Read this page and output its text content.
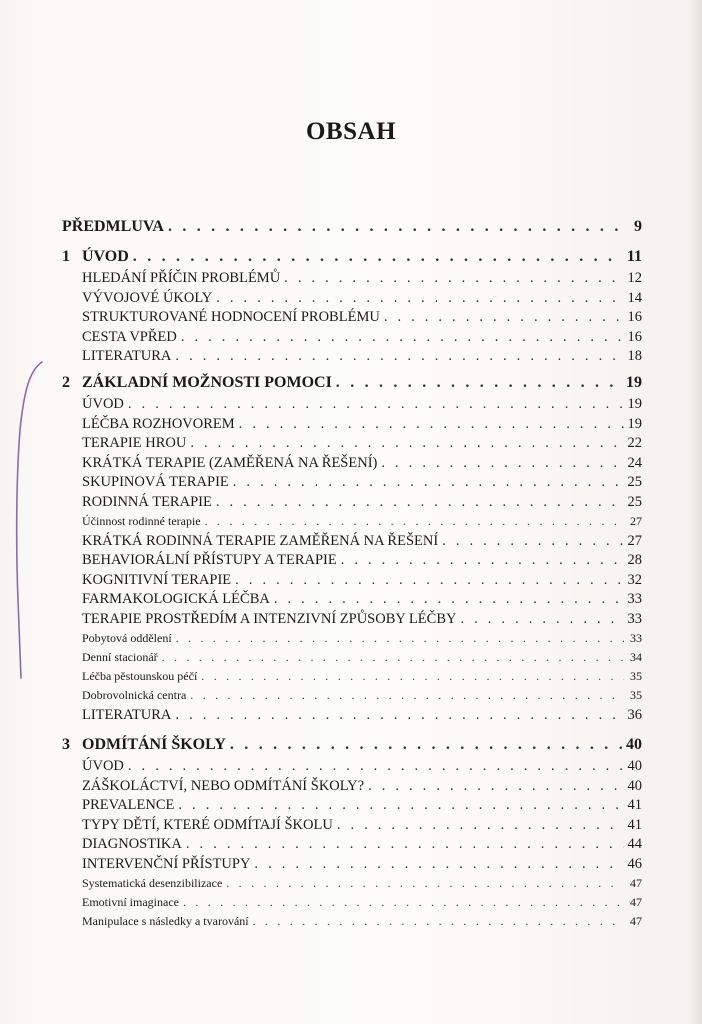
OBSAH
PŘEDMLUVA . . .	9
1 ÚVOD . . .	11
HLEDÁNÍ PŘÍČIN PROBLÉMŮ . . .	12
VÝVOJOVÉ ÚKOLY . . .	14
STRUKTUROVANÉ HODNOCENÍ PROBLÉMU . . .	16
CESTA VPŘED . . .	16
LITERATURA . . .	18
2 ZÁKLADNÍ MOŽNOSTI POMOCI . . .	19
ÚVOD . . .	19
LÉČBA ROZHOVOREM . . .	19
TERAPIE HROU . . .	22
KRÁTKÁ TERAPIE (ZAMĚŘENÁ NA ŘEŠENÍ) . . .	24
SKUPINOVÁ TERAPIE . . .	25
RODINNÁ TERAPIE . . .	25
Účinnost rodinné terapie . . .	27
KRÁTKÁ RODINNÁ TERAPIE ZAMĚŘENÁ NA ŘEŠENÍ . . .	27
BEHAVIORÁLNÍ PŘÍSTUPY A TERAPIE . . .	28
KOGNITIVNÍ TERAPIE . . .	32
FARMAKOLOGICKÁ LÉČBA . . .	33
TERAPIE PROSTŘEDÍM A INTENZIVNÍ ZPŮSOBY LÉČBY . . .	33
Pobytová oddělení . . .	33
Denní stacionář . . .	34
Léčba pěstounskou péčí . . .	35
Dobrovolnická centra . . .	35
LITERATURA . . .	36
3 ODMÍTÁNÍ ŠKOLY . . .	40
ÚVOD . . .	40
ZÁŠKOLÁCTVÍ, NEBO ODMÍTÁNÍ ŠKOLY? . . .	40
PREVALENCE . . .	41
TYPY DĚTÍ, KTERÉ ODMÍTAJÍ ŠKOLU . . .	41
DIAGNOSTIKA . . .	44
INTERVENČNÍ PŘÍSTUPY . . .	46
Systematická desenzibilizace . . .	47
Emotivní imaginace . . .	47
Manipulace s následky a tvarování . . .	47
